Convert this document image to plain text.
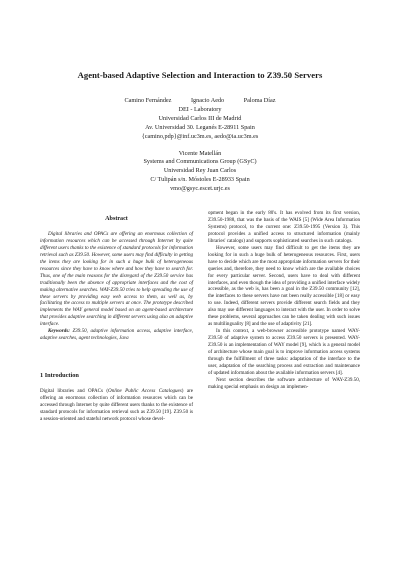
Agent-based Adaptive Selection and Interaction to Z39.50 Servers
Camino Fernández	Ignacio Aedo	Paloma Díaz
DEI - Laboratory
Universidad Carlos III de Madrid
Av. Universidad 30. Leganés E-28911 Spain
{camino,pdp}@inf.uc3m.es, aedo@ia.uc3m.es
Vicente Matellán
Systems and Communications Group (GSyC)
Universidad Rey Juan Carlos
C/ Tulipán s/n. Móstoles E-28933 Spain
vmo@gsyc.escet.urjc.es
Abstract

Digital libraries and OPACs are offering an enormous collection of information resources which can be accessed through Internet by quite different users thanks to the existence of standard protocols for information retrieval such as Z39.50. However, some users may find difficulty in getting the items they are looking for in such a huge bulk of heterogeneous resources since they have to know where and how they have to search for. Thus, one of the main reasons for the disregard of the Z39.50 service has traditionally been the absence of appropriate interfaces and the cost of making alternative searches. WAY-Z39.50 tries to help spreading the use of these servers by providing easy web access to them, as well as, by facilitating the access to multiple servers at once. The prototype described implements the WAY general model based on an agent-based architecture that provides adaptive searching in different servers using also an adaptive interface.

Keywords: Z39.50, adaptive information access, adaptive interface, adaptive searches, agent technologies, Java

1 Introduction

Digital libraries and OPACs (Online Public Access Catalogues) are offering an enormous collection of information resources which can be accessed through Internet by quite different users thanks to the existence of standard protocols for information retrieval such as Z39.50 [19]. Z39.50 is a session-oriented and stateful network protocol whose devel-

opment began in the early 80's. It has evolved from its first version, Z39.50-1988, that was the basis of the WAIS [5] (Wide Area Information Systems) protocol, to the current one: Z39.50-1995 (Version 3). This protocol provides a unified access to structured information (mainly libraries' catalogs) and supports sophisticated searches in such catalogs.

However, some users may find difficult to get the items they are looking for in such a huge bulk of heterogeneous resources. First, users have to decide which are the most appropriate information servers for their queries and, therefore, they need to know which are the available choices for every particular server. Second, users have to deal with different interfaces, and even though the idea of providing a unified interface widely accessible, as the web is, has been a goal in the Z39.50 community [12], the interfaces to these servers have not been really accessible [18] or easy to use. Indeed, different servers provide different search fields and they also may use different languages to interact with the user. In order to solve these problems, several approaches can be taken dealing with such issues as multilinguality [8] and the use of adaptivity [21].

In this context, a web-browser accessible prototype named WAY-Z39.50 of adaptive system to access Z39.50 servers is presented. WAY-Z39.50 is an implementation of WAY model [9], which is a general model of architecture whose main goal is to improve information access systems through the fulfillment of three tasks: adaptation of the interface to the user, adaptation of the searching process and extraction and maintenance of updated information about the available information servers [4].

Next section describes the software architecture of WAY-Z39.50, making special emphasis on design an implemen-
